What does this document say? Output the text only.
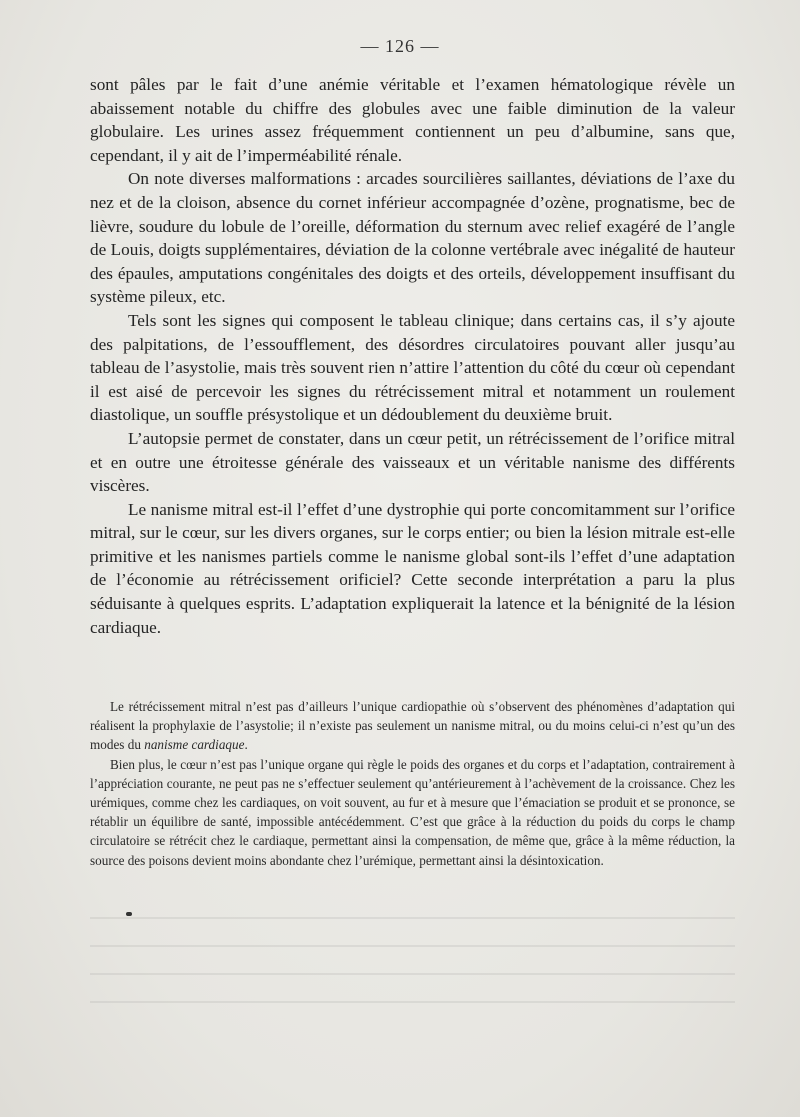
— 126 —

sont pâles par le fait d’une anémie véritable et l’examen hématologique révèle un abaissement notable du chiffre des globules avec une faible diminution de la valeur globulaire. Les urines assez fréquemment contiennent un peu d’albumine, sans que, cependant, il y ait de l’imperméabilité rénale.

On note diverses malformations : arcades sourcilières saillantes, déviations de l’axe du nez et de la cloison, absence du cornet inférieur accompagnée d’ozène, prognatisme, bec de lièvre, soudure du lobule de l’oreille, déformation du sternum avec relief exagéré de l’angle de Louis, doigts supplémentaires, déviation de la colonne vertébrale avec inégalité de hauteur des épaules, amputations congénitales des doigts et des orteils, développement insuffisant du système pileux, etc.

Tels sont les signes qui composent le tableau clinique; dans certains cas, il s’y ajoute des palpitations, de l’essoufflement, des désordres circulatoires pouvant aller jusqu’au tableau de l’asystolie, mais très souvent rien n’attire l’attention du côté du cœur où cependant il est aisé de percevoir les signes du rétrécissement mitral et notamment un roulement diastolique, un souffle présystolique et un dédoublement du deuxième bruit.

L’autopsie permet de constater, dans un cœur petit, un rétrécissement de l’orifice mitral et en outre une étroitesse générale des vaisseaux et un véritable nanisme des différents viscères.

Le nanisme mitral est-il l’effet d’une dystrophie qui porte concomitamment sur l’orifice mitral, sur le cœur, sur les divers organes, sur le corps entier; ou bien la lésion mitrale est-elle primitive et les nanismes partiels comme le nanisme global sont-ils l’effet d’une adaptation de l’économie au rétrécissement orificiel? Cette seconde interprétation a paru la plus séduisante à quelques esprits. L’adaptation expliquerait la latence et la bénignité de la lésion cardiaque.

Le rétrécissement mitral n’est pas d’ailleurs l’unique cardiopathie où s’observent des phénomènes d’adaptation qui réalisent la prophylaxie de l’asystolie; il n’existe pas seulement un nanisme mitral, ou du moins celui-ci n’est qu’un des modes du nanisme cardiaque.

Bien plus, le cœur n’est pas l’unique organe qui règle le poids des organes et du corps et l’adaptation, contrairement à l’appréciation courante, ne peut pas ne s’effectuer seulement qu’antérieurement à l’achèvement de la croissance. Chez les urémiques, comme chez les cardiaques, on voit souvent, au fur et à mesure que l’émaciation se produit et se prononce, se rétablir un équilibre de santé, impossible antécédemment. C’est que grâce à la réduction du poids du corps le champ circulatoire se rétrécit chez le cardiaque, permettant ainsi la compensation, de même que, grâce à la même réduction, la source des poisons devient moins abondante chez l’urémique, permettant ainsi la désintoxication.
